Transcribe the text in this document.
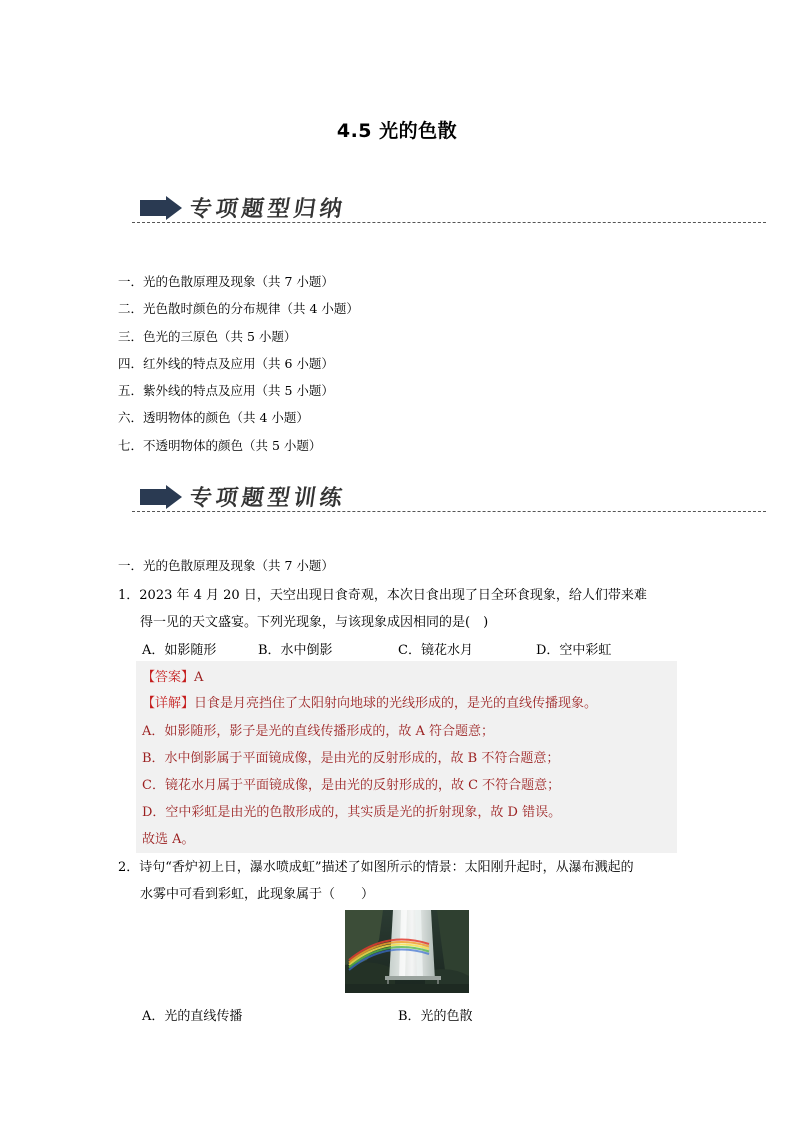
4.5 光的色散
专项题型归纳
一．光的色散原理及现象（共 7 小题）
二．光色散时颜色的分布规律（共 4 小题）
三．色光的三原色（共 5 小题）
四．红外线的特点及应用（共 6 小题）
五．紫外线的特点及应用（共 5 小题）
六．透明物体的颜色（共 4 小题）
七．不透明物体的颜色（共 5 小题）
专项题型训练
一．光的色散原理及现象（共 7 小题）
1．2023 年 4 月 20 日，天空出现日食奇观，本次日食出现了日全环食现象，给人们带来难
得一见的天文盛宴。下列光现象，与该现象成因相同的是(　)
A．如影随形	B．水中倒影	C．镜花水月	D．空中彩虹
【答案】A
【详解】日食是月亮挡住了太阳射向地球的光线形成的，是光的直线传播现象。
A．如影随形，影子是光的直线传播形成的，故 A 符合题意；
B．水中倒影属于平面镜成像，是由光的反射形成的，故 B 不符合题意；
C．镜花水月属于平面镜成像，是由光的反射形成的，故 C 不符合题意；
D．空中彩虹是由光的色散形成的，其实质是光的折射现象，故 D 错误。
故选 A。
2．诗句“香炉初上日，瀑水喷成虹”描述了如图所示的情景：太阳刚升起时，从瀑布溅起的
水雾中可看到彩虹，此现象属于（　　）
A．光的直线传播	B．光的色散
